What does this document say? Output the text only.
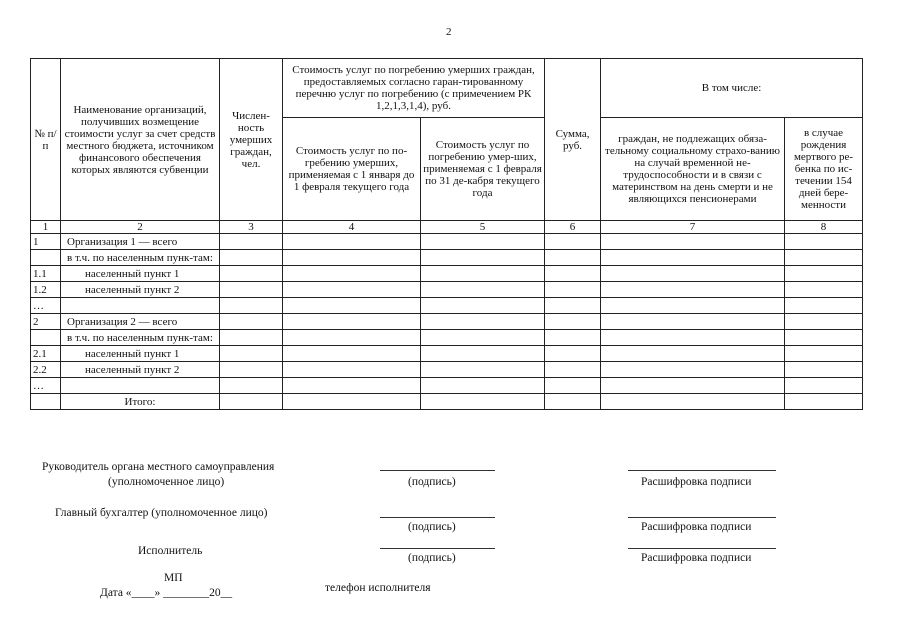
2
№ п/п	Наименование организаций, получивших возмещение стоимости услуг за счет средств местного бюджета, источником финансового обеспечения которых являются субвенции	Числен-ность умерших граждан, чел.	Стоимость услуг по погребению умерших граждан, предоставляемых согласно гаран-тированному перечню услуг по погребению (с примечением РК 1,2,1,3,1,4), руб.		Сумма, руб.	В том числе:	
			Стоимость услуг по по-гребению умерших, применяемая с 1 января до 1 февраля текущего года	Стоимость услуг по погребению умер-ших, применяемая с 1 февраля по 31 де-кабря текущего года		граждан, не подлежащих обяза-тельному социальному страхо-ванию на случай временной не-трудоспособности и в связи с материнством на день смерти и не являющихся пенсионерами	в случае рождения мертвого ре-бенка по ис-течении 154 дней бере-менности
1	2	3	4	5	6	7	8
1	Организация 1 — всего						
	в т.ч. по населенным пунк-там:						
1.1	населенный пункт 1						
1.2	населенный пункт 2						
…							
2	Организация 2 — всего						
	в т.ч. по населенным пунк-там:						
2.1	населенный пункт 1						
2.2	населенный пункт 2						
…							
	Итого:						
Руководитель органа местного самоуправления
(уполномоченное лицо)	(подпись)	Расшифровка подписи
Главный бухгалтер (уполномоченное лицо)
(подпись)	Расшифровка подписи
Исполнитель
(подпись)	Расшифровка подписи
МП
Дата «____» ________20__	телефон исполнителя
